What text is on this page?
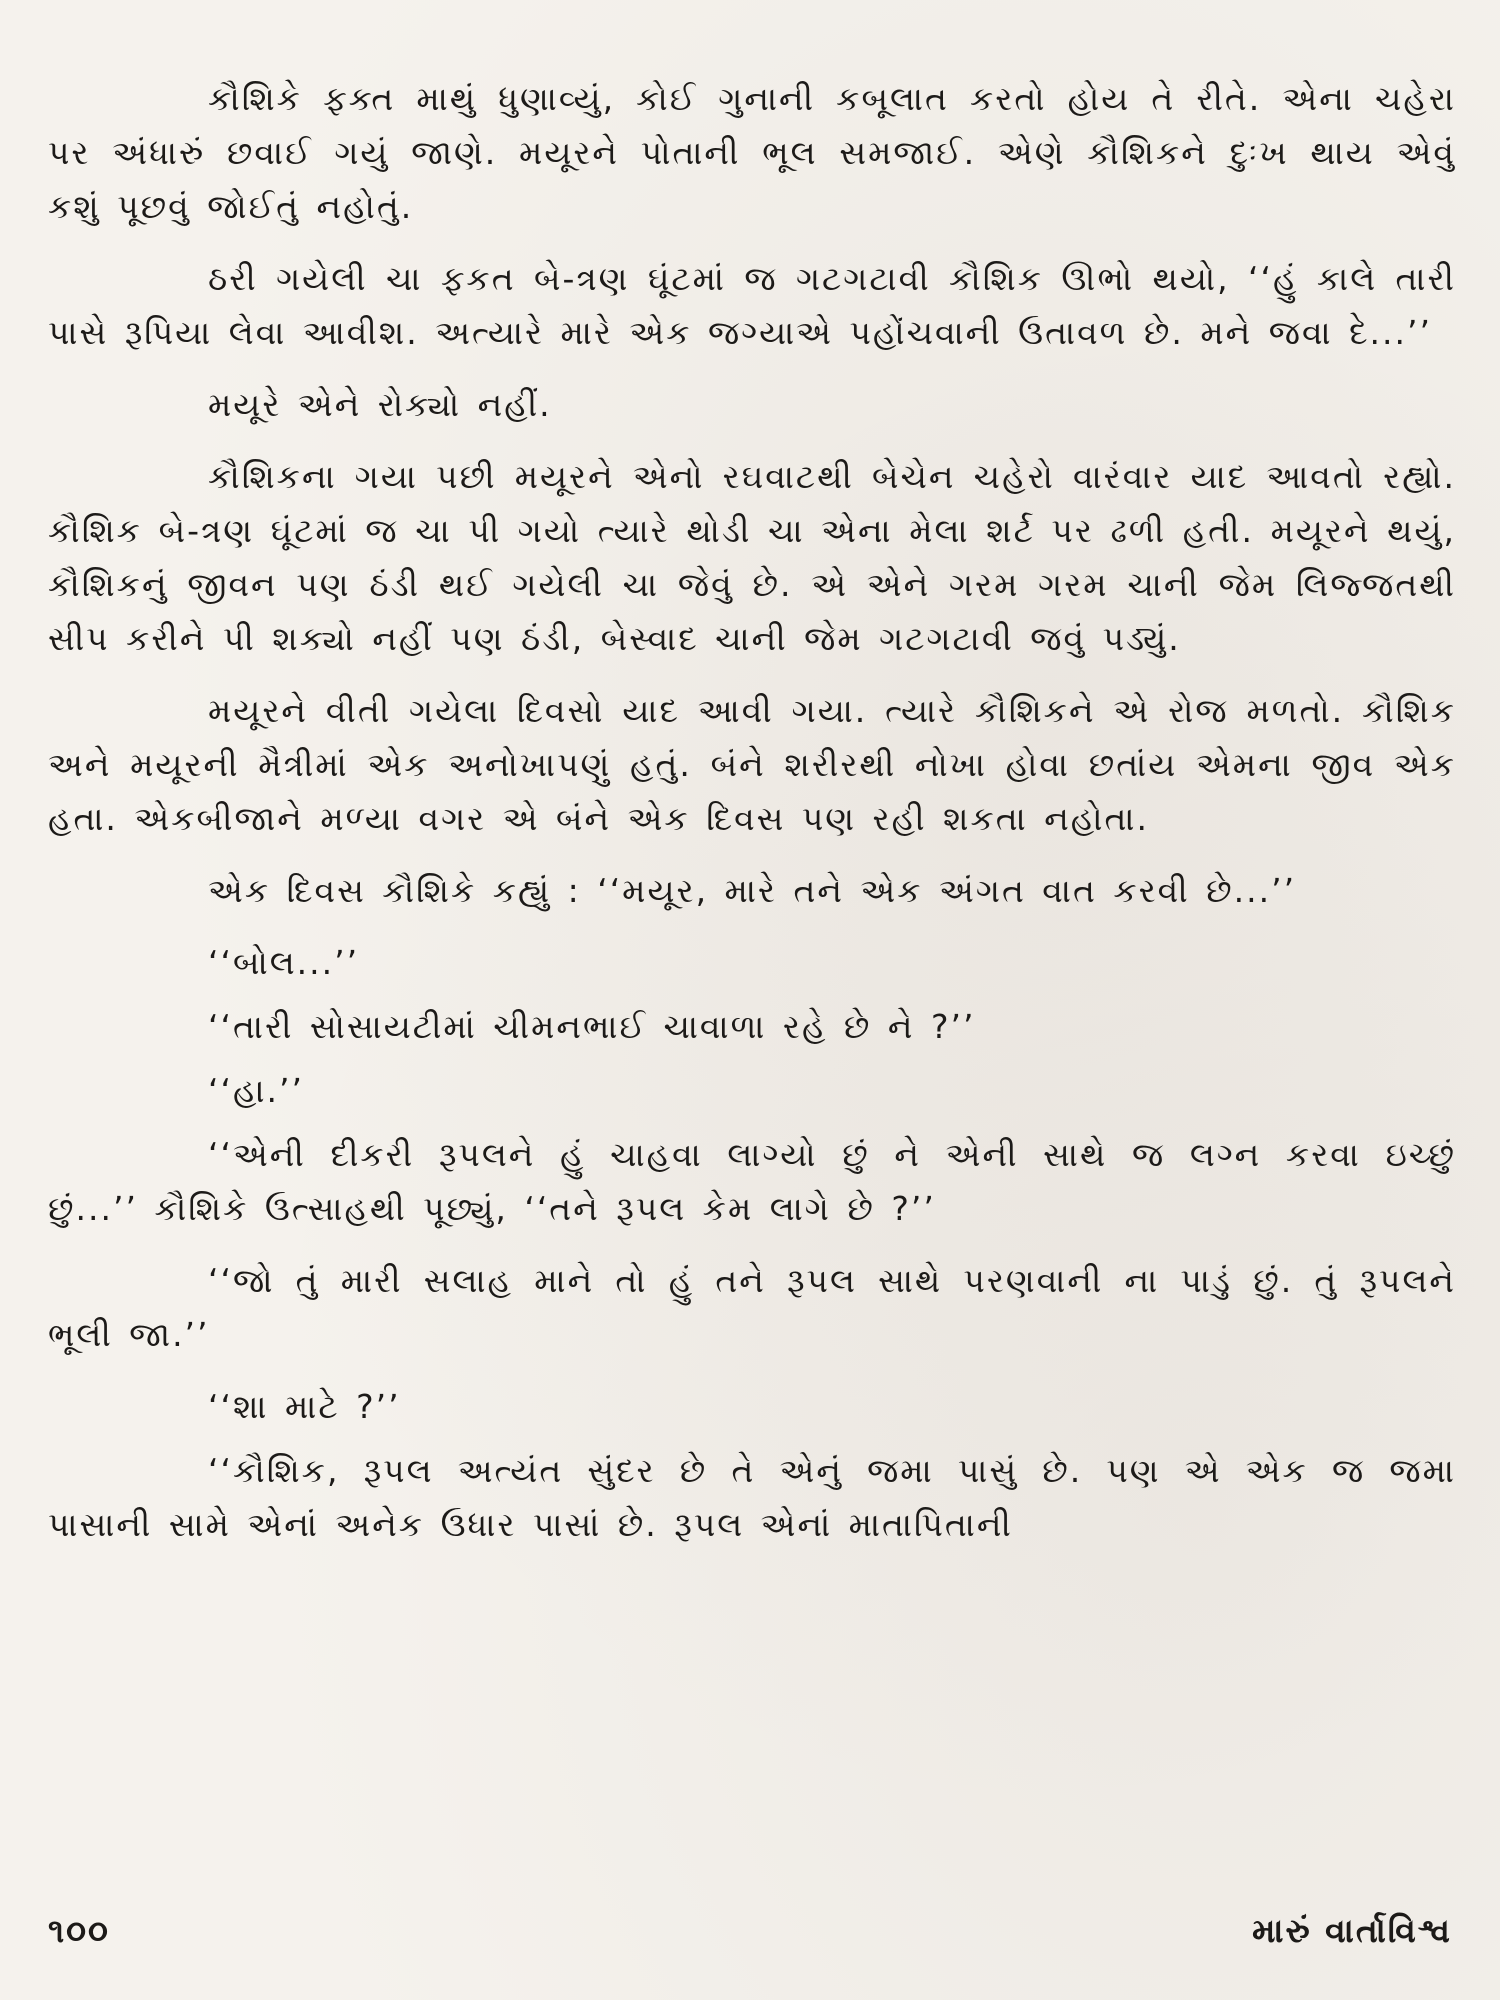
કૌશિકે ફક્ત માથું ધુણાવ્યું, કોઈ ગુનાની કબૂલાત કરતો હોય તે રીતે. એના ચહેરા પર અંધારું છવાઈ ગયું જાણે. મયૂરને પોતાની ભૂલ સમજાઈ. એણે કૌશિકને દુઃખ થાય એવું કશું પૂછવું જોઈતું નહોતું.

ઠરી ગયેલી ચા ફકત બે-ત્રણ ઘૂંટમાં જ ગટગટાવી કૌશિક ઊભો થયો, ‘‘હું કાલે તારી પાસે રૂપિયા લેવા આવીશ. અત્યારે મારે એક જગ્યાએ પહોંચવાની ઉતાવળ છે. મને જવા દે...’’

મયૂરે એને રોક્યો નહીં.

કૌશિકના ગયા પછી મયૂરને એનો રઘવાટથી બેચેન ચહેરો વારંવાર યાદ આવતો રહ્યો. કૌશિક બે-ત્રણ ઘૂંટમાં જ ચા પી ગયો ત્યારે થોડી ચા એના મેલા શર્ટ પર ઢળી હતી. મયૂરને થયું, કૌશિકનું જીવન પણ ઠંડી થઈ ગયેલી ચા જેવું છે. એ એને ગરમ ગરમ ચાની જેમ લિજ્જતથી સીપ કરીને પી શક્યો નહીં પણ ઠંડી, બેસ્વાદ ચાની જેમ ગટગટાવી જવું પડ્યું.

મયૂરને વીતી ગયેલા દિવસો યાદ આવી ગયા. ત્યારે કૌશિકને એ રોજ મળતો. કૌશિક અને મયૂરની મૈત્રીમાં એક અનોખાપણું હતું. બંને શરીરથી નોખા હોવા છતાંય એમના જીવ એક હતા. એકબીજાને મળ્યા વગર એ બંને એક દિવસ પણ રહી શકતા નહોતા.

એક દિવસ કૌશિકે કહ્યું : ‘‘મયૂર, મારે તને એક અંગત વાત કરવી છે...’’

‘‘બોલ...’’

‘‘તારી સોસાયટીમાં ચીમનભાઈ ચાવાળા રહે છે ને ?’’

‘‘હા.’’

‘‘એની દીકરી રૂપલને હું ચાહવા લાગ્યો છું ને એની સાથે જ લગ્ન કરવા ઇચ્છું છું...’’ કૌશિકે ઉત્સાહથી પૂછ્યું, ‘‘તને રૂપલ કેમ લાગે છે ?’’

‘‘જો તું મારી સલાહ માને તો હું તને રૂપલ સાથે પરણવાની ના પાડું છું. તું રૂપલને ભૂલી જા.’’

‘‘શા માટે ?’’

‘‘કૌશિક, રૂપલ અત્યંત સુંદર છે તે એનું જમા પાસું છે. પણ એ એક જ જમા પાસાની સામે એનાં અનેક ઉધાર પાસાં છે. રૂપલ એનાં માતાપિતાની

૧૦૦	મારું વાર્તાવિશ્વ
